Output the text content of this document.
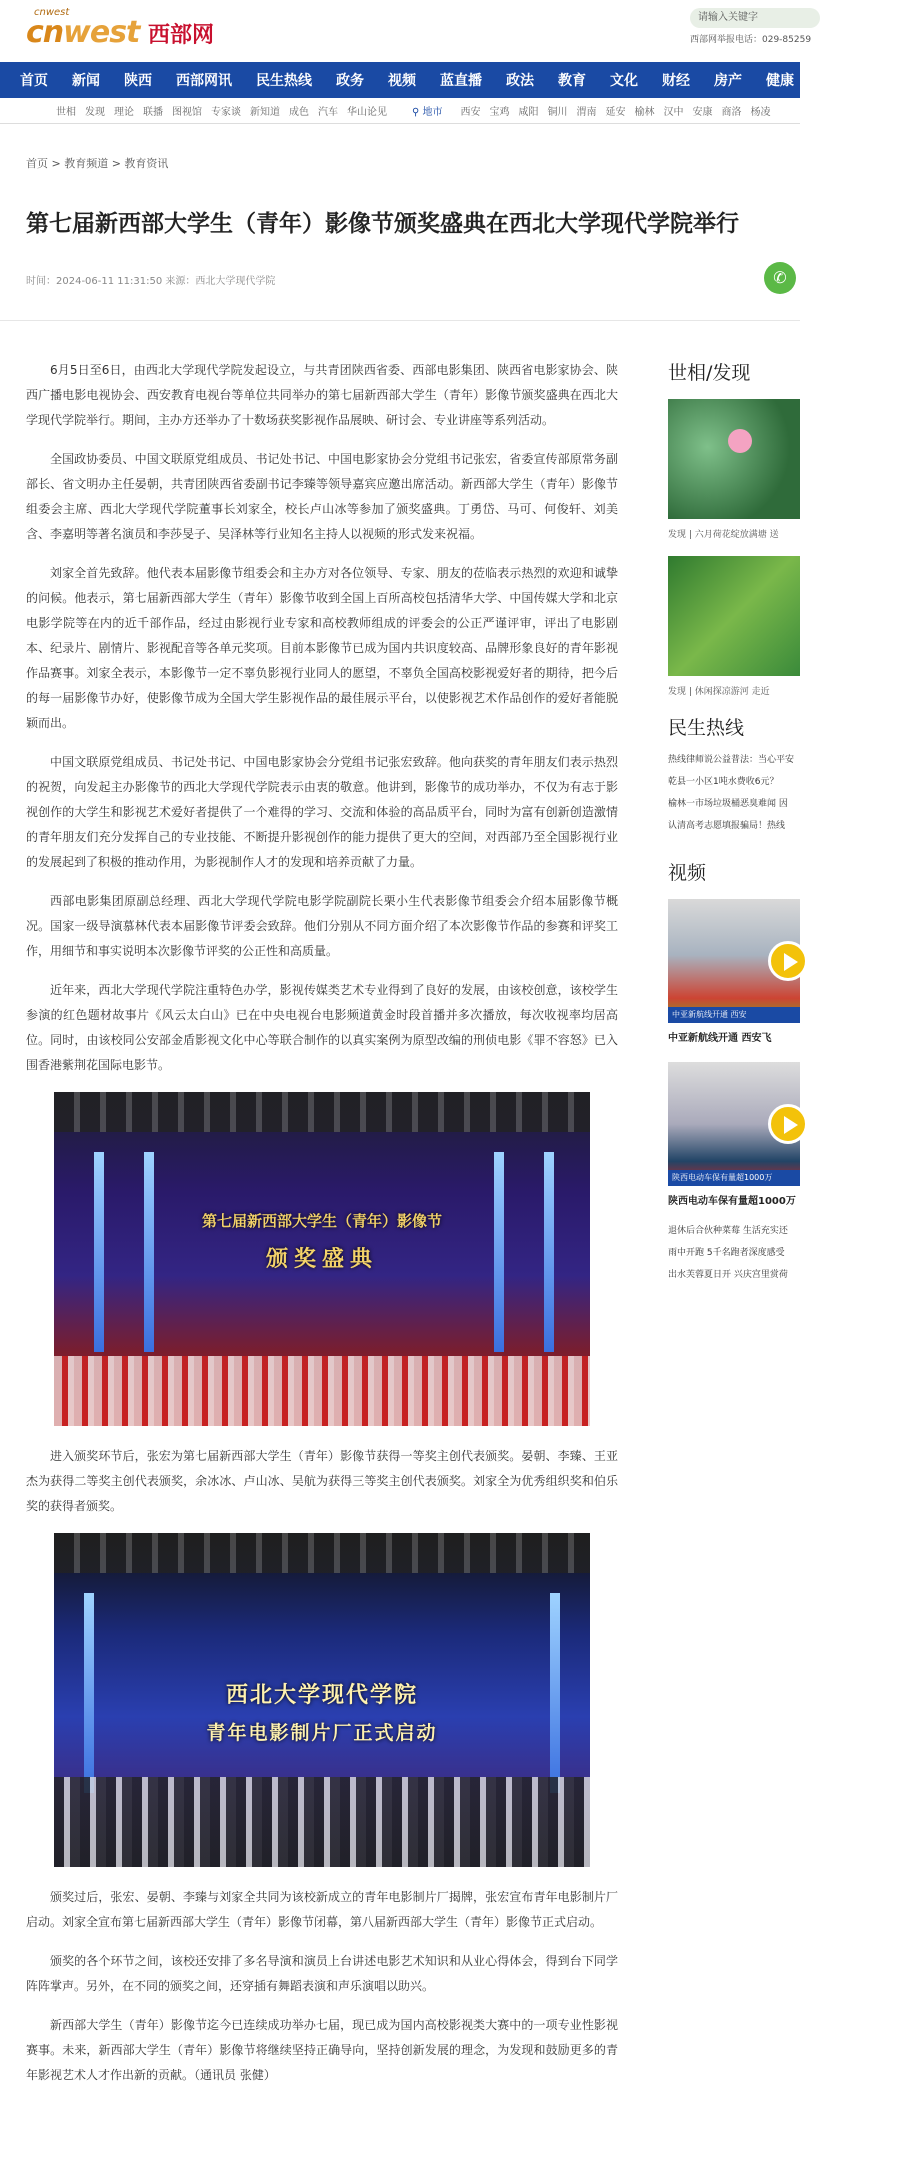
cnwest
cnwest 西部网
请输入关键字
西部网举报电话：029-85259
首页 新闻 陕西 西部网讯 民生热线 政务 视频 蓝直播 政法 教育 文化 财经 房产 健康 三农 数字
世相 发现 理论 联播 图视馆 专家谈 新知道 成色 汽车 华山论见	⚲ 地市 西安 宝鸡 咸阳 铜川 渭南 延安 榆林 汉中 安康 商洛 杨凌
首页 > 教育频道 > 教育资讯
第七届新西部大学生（青年）影像节颁奖盛典在西北大学现代学院举行
时间：2024-06-11 11:31:50 来源：西北大学现代学院	✆

6月5日至6日，由西北大学现代学院发起设立，与共青团陕西省委、西部电影集团、陕西省电影家协会、陕西广播电影电视协会、西安教育电视台等单位共同举办的第七届新西部大学生（青年）影像节颁奖盛典在西北大学现代学院举行。期间，主办方还举办了十数场获奖影视作品展映、研讨会、专业讲座等系列活动。

全国政协委员、中国文联原党组成员、书记处书记、中国电影家协会分党组书记张宏，省委宣传部原常务副部长、省文明办主任晏朝，共青团陕西省委副书记李臻等领导嘉宾应邀出席活动。新西部大学生（青年）影像节组委会主席、西北大学现代学院董事长刘家全，校长卢山冰等参加了颁奖盛典。丁勇岱、马可、何俊轩、刘美含、李嘉明等著名演员和李莎旻子、吴泽林等行业知名主持人以视频的形式发来祝福。

刘家全首先致辞。他代表本届影像节组委会和主办方对各位领导、专家、朋友的莅临表示热烈的欢迎和诚挚的问候。他表示，第七届新西部大学生（青年）影像节收到全国上百所高校包括清华大学、中国传媒大学和北京电影学院等在内的近千部作品，经过由影视行业专家和高校教师组成的评委会的公正严谨评审，评出了电影剧本、纪录片、剧情片、影视配音等各单元奖项。目前本影像节已成为国内共识度较高、品牌形象良好的青年影视作品赛事。刘家全表示，本影像节一定不辜负影视行业同人的愿望，不辜负全国高校影视爱好者的期待，把今后的每一届影像节办好，使影像节成为全国大学生影视作品的最佳展示平台，以使影视艺术作品创作的爱好者能脱颖而出。

中国文联原党组成员、书记处书记、中国电影家协会分党组书记张宏致辞。他向获奖的青年朋友们表示热烈的祝贺，向发起主办影像节的西北大学现代学院表示由衷的敬意。他讲到，影像节的成功举办，不仅为有志于影视创作的大学生和影视艺术爱好者提供了一个难得的学习、交流和体验的高品质平台，同时为富有创新创造激情的青年朋友们充分发挥自己的专业技能、不断提升影视创作的能力提供了更大的空间，对西部乃至全国影视行业的发展起到了积极的推动作用，为影视制作人才的发现和培养贡献了力量。

西部电影集团原副总经理、西北大学现代学院电影学院副院长栗小生代表影像节组委会介绍本届影像节概况。国家一级导演慕林代表本届影像节评委会致辞。他们分别从不同方面介绍了本次影像节作品的参赛和评奖工作，用细节和事实说明本次影像节评奖的公正性和高质量。

近年来，西北大学现代学院注重特色办学，影视传媒类艺术专业得到了良好的发展，由该校创意，该校学生参演的红色题材故事片《风云太白山》已在中央电视台电影频道黄金时段首播并多次播放，每次收视率均居高位。同时，由该校同公安部金盾影视文化中心等联合制作的以真实案例为原型改编的刑侦电影《罪不容怒》已入围香港紫荆花国际电影节。

第七届新西部大学生（青年）影像节
颁奖盛典

进入颁奖环节后，张宏为第七届新西部大学生（青年）影像节获得一等奖主创代表颁奖。晏朝、李臻、王亚杰为获得二等奖主创代表颁奖，余冰冰、卢山冰、吴航为获得三等奖主创代表颁奖。刘家全为优秀组织奖和伯乐奖的获得者颁奖。

西北大学现代学院
青年电影制片厂正式启动

颁奖过后，张宏、晏朝、李臻与刘家全共同为该校新成立的青年电影制片厂揭牌，张宏宣布青年电影制片厂启动。刘家全宣布第七届新西部大学生（青年）影像节闭幕，第八届新西部大学生（青年）影像节正式启动。

颁奖的各个环节之间，该校还安排了多名导演和演员上台讲述电影艺术知识和从业心得体会，得到台下同学阵阵掌声。另外，在不同的颁奖之间，还穿插有舞蹈表演和声乐演唱以助兴。

新西部大学生（青年）影像节迄今已连续成功举办七届，现已成为国内高校影视类大赛中的一项专业性影视赛事。未来，新西部大学生（青年）影像节将继续坚持正确导向，坚持创新发展的理念，为发现和鼓励更多的青年影视艺术人才作出新的贡献。（通讯员 张健）

世相/发现
发现 | 六月荷花绽放满塘 送
发现 | 休闲探凉游河 走近
民生热线
热线律师说公益普法：当心平安
乾县一小区1吨水费收6元？
榆林一市场垃圾桶恶臭难闻 因
认清高考志愿填报骗局！热线
视频
中亚新航线开通 西安
中亚新航线开通 西安飞
陕西电动车保有量超1000万
陕西电动车保有量超1000万
退休后合伙种菜莓 生活充实还
雨中开跑 5千名跑者深度感受
出水芙蓉夏日开 兴庆宫里赏荷
